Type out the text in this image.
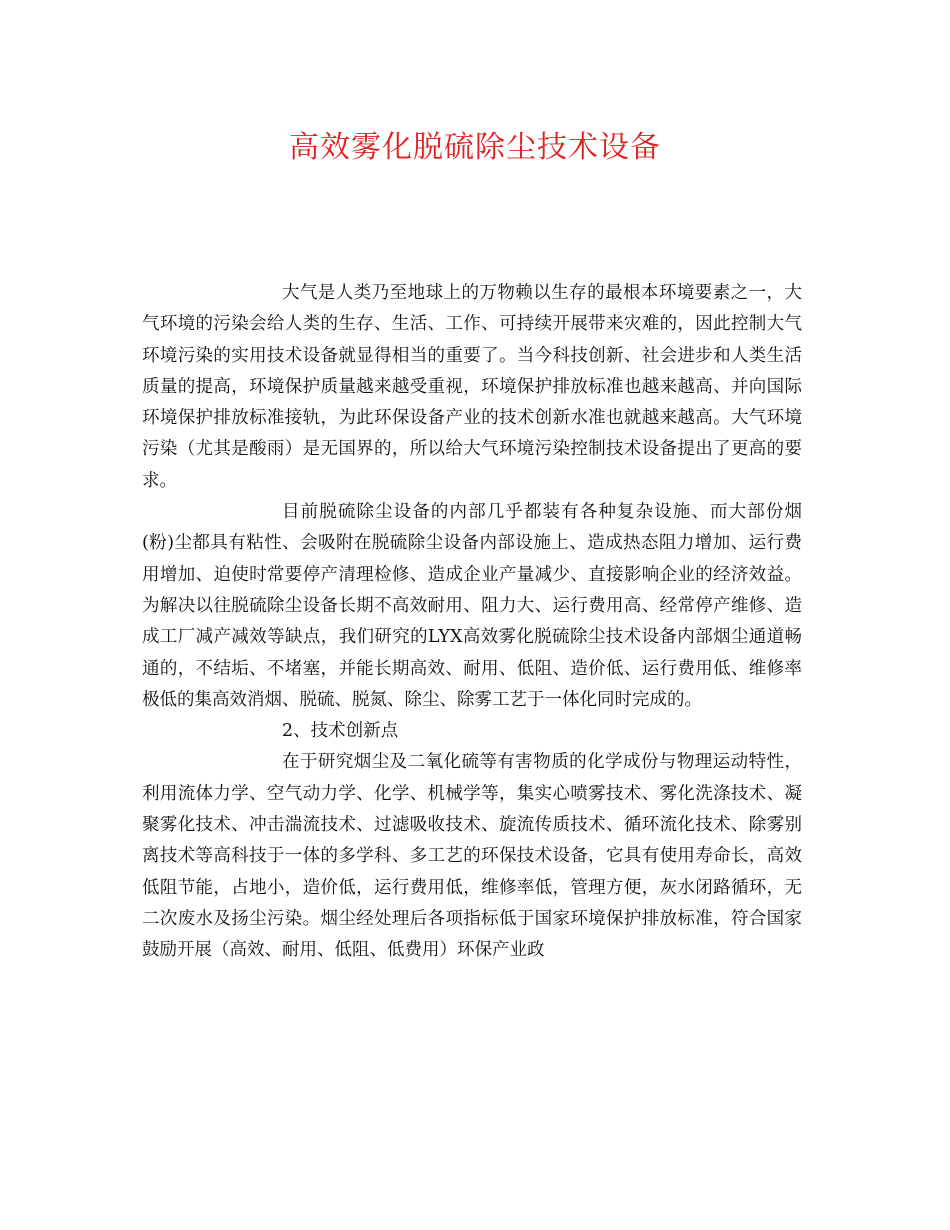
高效雾化脱硫除尘技术设备

大气是人类乃至地球上的万物赖以生存的最根本环境要素之一，大气环境的污染会给人类的生存、生活、工作、可持续开展带来灾难的，因此控制大气环境污染的实用技术设备就显得相当的重要了。当今科技创新、社会进步和人类生活质量的提高，环境保护质量越来越受重视，环境保护排放标准也越来越高、并向国际环境保护排放标准接轨，为此环保设备产业的技术创新水准也就越来越高。大气环境污染（尤其是酸雨）是无国界的，所以给大气环境污染控制技术设备提出了更高的要求。

目前脱硫除尘设备的内部几乎都装有各种复杂设施、而大部份烟(粉)尘都具有粘性、会吸附在脱硫除尘设备内部设施上、造成热态阻力增加、运行费用增加、迫使时常要停产清理检修、造成企业产量减少、直接影响企业的经济效益。为解决以往脱硫除尘设备长期不高效耐用、阻力大、运行费用高、经常停产维修、造成工厂减产减效等缺点，我们研究的LYX高效雾化脱硫除尘技术设备内部烟尘通道畅通的，不结垢、不堵塞，并能长期高效、耐用、低阻、造价低、运行费用低、维修率极低的集高效消烟、脱硫、脱氮、除尘、除雾工艺于一体化同时完成的。

2、技术创新点

在于研究烟尘及二氧化硫等有害物质的化学成份与物理运动特性，利用流体力学、空气动力学、化学、机械学等，集实心喷雾技术、雾化洗涤技术、凝聚雾化技术、冲击湍流技术、过滤吸收技术、旋流传质技术、循环流化技术、除雾别离技术等高科技于一体的多学科、多工艺的环保技术设备，它具有使用寿命长，高效低阻节能，占地小，造价低，运行费用低，维修率低，管理方便，灰水闭路循环，无二次废水及扬尘污染。烟尘经处理后各项指标低于国家环境保护排放标准，符合国家鼓励开展（高效、耐用、低阻、低费用）环保产业政
